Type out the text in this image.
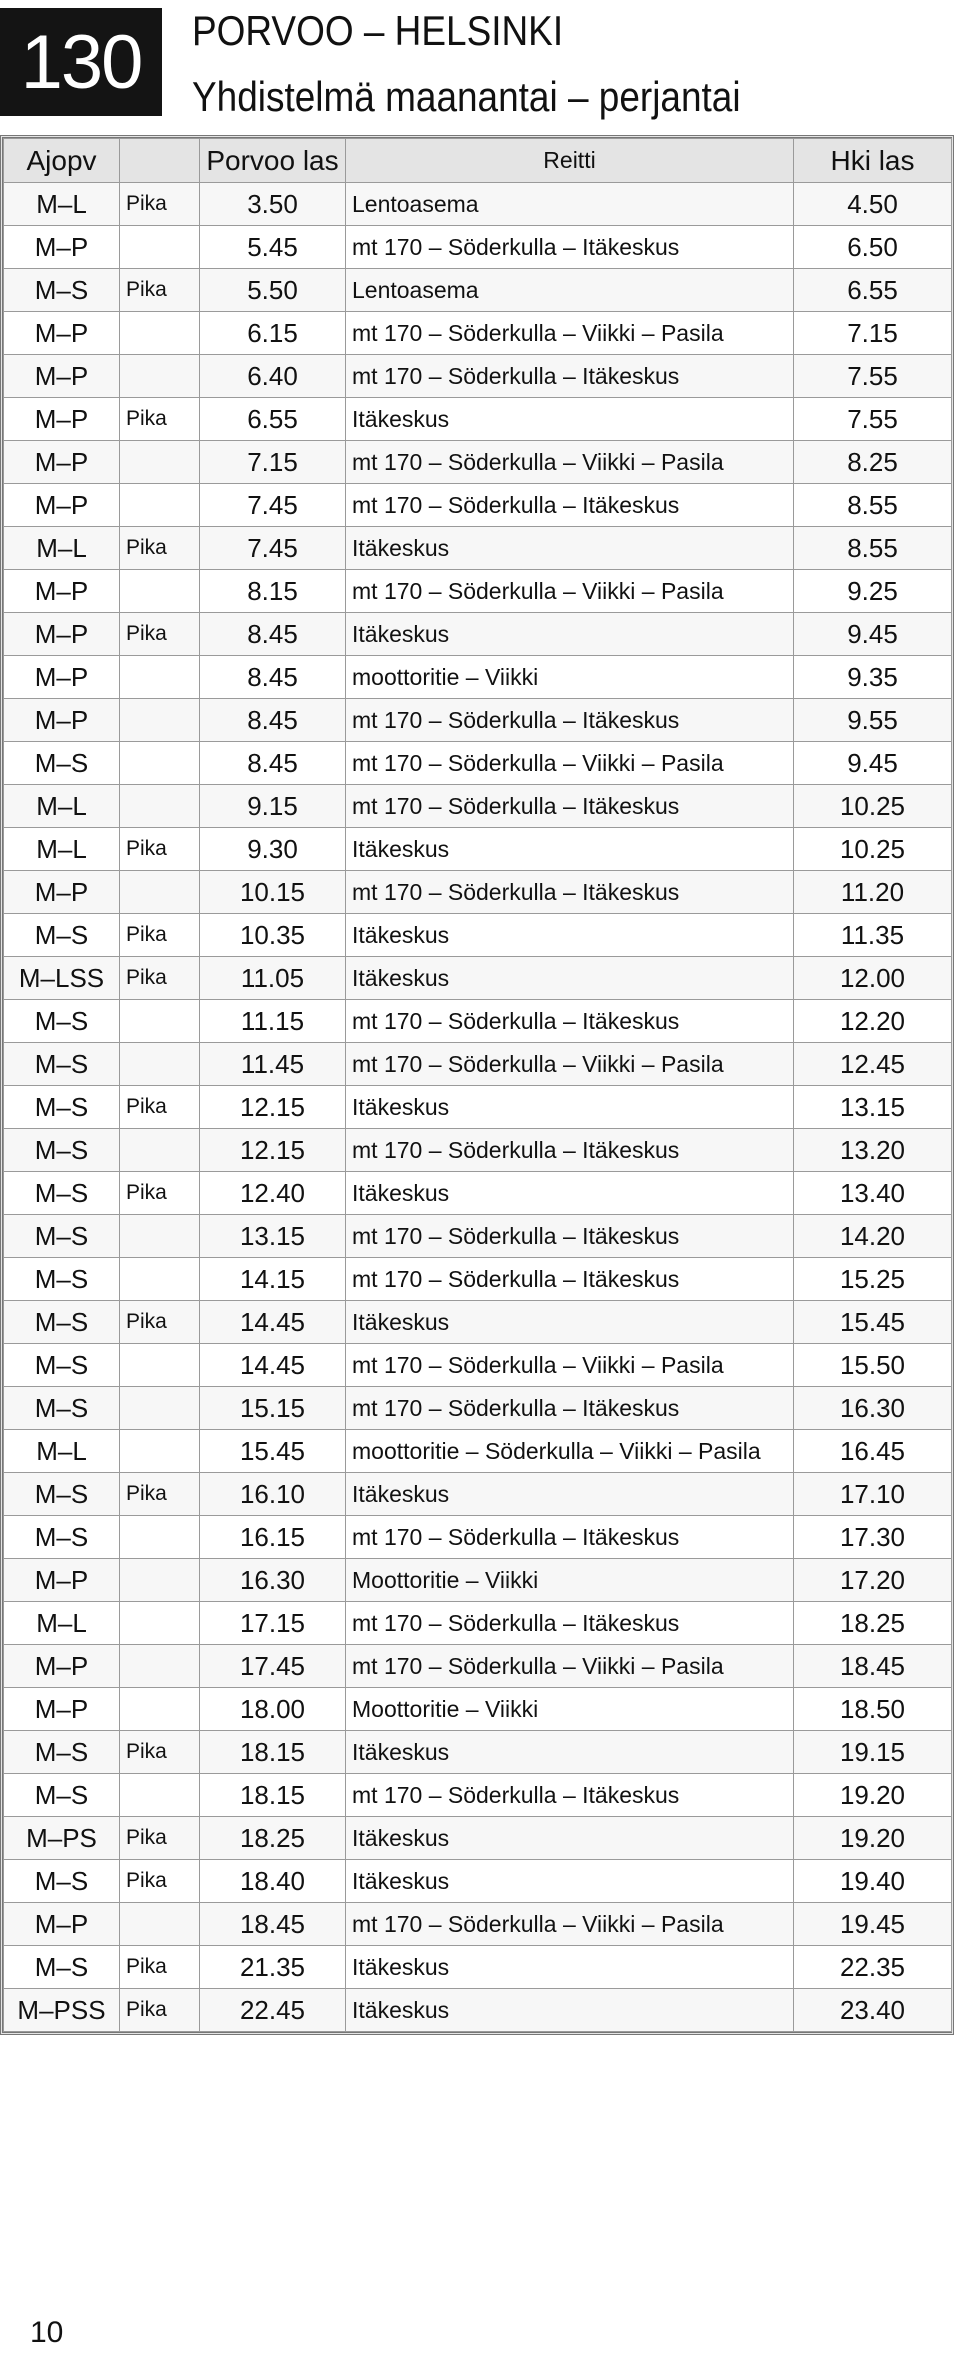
130 PORVOO – HELSINKI
Yhdistelmä maanantai – perjantai
Ajopv		Porvoo las	Reitti	Hki las
M–L	Pika	3.50	Lentoasema	4.50
M–P		5.45	mt 170 – Söderkulla – Itäkeskus	6.50
M–S	Pika	5.50	Lentoasema	6.55
M–P		6.15	mt 170 – Söderkulla – Viikki – Pasila	7.15
M–P		6.40	mt 170 – Söderkulla – Itäkeskus	7.55
M–P	Pika	6.55	Itäkeskus	7.55
M–P		7.15	mt 170 – Söderkulla – Viikki – Pasila	8.25
M–P		7.45	mt 170 – Söderkulla – Itäkeskus	8.55
M–L	Pika	7.45	Itäkeskus	8.55
M–P		8.15	mt 170 – Söderkulla – Viikki – Pasila	9.25
M–P	Pika	8.45	Itäkeskus	9.45
M–P		8.45	moottoritie – Viikki	9.35
M–P		8.45	mt 170 – Söderkulla – Itäkeskus	9.55
M–S		8.45	mt 170 – Söderkulla – Viikki – Pasila	9.45
M–L		9.15	mt 170 – Söderkulla – Itäkeskus	10.25
M–L	Pika	9.30	Itäkeskus	10.25
M–P		10.15	mt 170 – Söderkulla – Itäkeskus	11.20
M–S	Pika	10.35	Itäkeskus	11.35
M–LSS	Pika	11.05	Itäkeskus	12.00
M–S		11.15	mt 170 – Söderkulla – Itäkeskus	12.20
M–S		11.45	mt 170 – Söderkulla – Viikki – Pasila	12.45
M–S	Pika	12.15	Itäkeskus	13.15
M–S		12.15	mt 170 – Söderkulla – Itäkeskus	13.20
M–S	Pika	12.40	Itäkeskus	13.40
M–S		13.15	mt 170 – Söderkulla – Itäkeskus	14.20
M–S		14.15	mt 170 – Söderkulla – Itäkeskus	15.25
M–S	Pika	14.45	Itäkeskus	15.45
M–S		14.45	mt 170 – Söderkulla – Viikki – Pasila	15.50
M–S		15.15	mt 170 – Söderkulla – Itäkeskus	16.30
M–L		15.45	moottoritie – Söderkulla – Viikki – Pasila	16.45
M–S	Pika	16.10	Itäkeskus	17.10
M–S		16.15	mt 170 – Söderkulla – Itäkeskus	17.30
M–P		16.30	Moottoritie – Viikki	17.20
M–L		17.15	mt 170 – Söderkulla – Itäkeskus	18.25
M–P		17.45	mt 170 – Söderkulla – Viikki – Pasila	18.45
M–P		18.00	Moottoritie – Viikki	18.50
M–S	Pika	18.15	Itäkeskus	19.15
M–S		18.15	mt 170 – Söderkulla – Itäkeskus	19.20
M–PS	Pika	18.25	Itäkeskus	19.20
M–S	Pika	18.40	Itäkeskus	19.40
M–P		18.45	mt 170 – Söderkulla – Viikki – Pasila	19.45
M–S	Pika	21.35	Itäkeskus	22.35
M–PSS	Pika	22.45	Itäkeskus	23.40
10
